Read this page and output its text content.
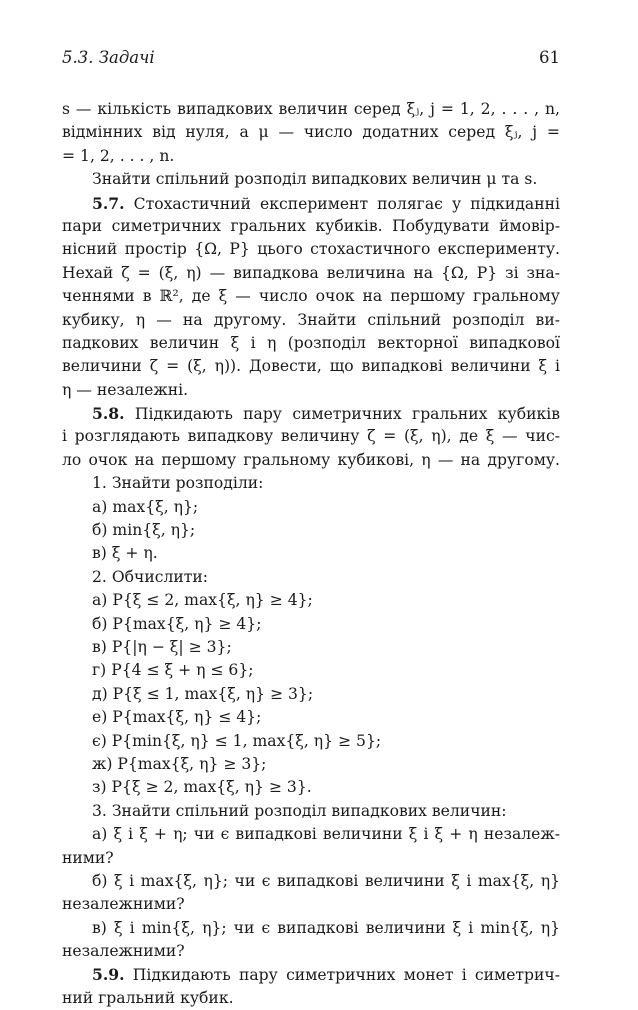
5.3. Задачі	61
s — кількість випадкових величин серед ξⱼ, j = 1, 2, . . . , n,
відмінних від нуля, а μ — число додатних серед ξⱼ, j =
= 1, 2, . . . , n.
Знайти спільний розподіл випадкових величин μ та s.
5.7. Стохастичний експеримент полягає у підкиданні
пари симетричних гральних кубиків. Побудувати ймовір-
нісний простір {Ω, P} цього стохастичного експерименту.
Нехай ζ = (ξ, η) — випадкова величина на {Ω, P} зі зна-
ченнями в ℝ², де ξ — число очок на першому гральному
кубику, η — на другому. Знайти спільний розподіл ви-
падкових величин ξ і η (розподіл векторної випадкової
величини ζ = (ξ, η)). Довести, що випадкові величини ξ і
η — незалежні.
5.8. Підкидають пару симетричних гральних кубиків
і розглядають випадкову величину ζ = (ξ, η), де ξ — чис-
ло очок на першому гральному кубикові, η — на другому.
1. Знайти розподіли:
а) max{ξ, η};
б) min{ξ, η};
в) ξ + η.
2. Обчислити:
а) P{ξ ≤ 2, max{ξ, η} ≥ 4};
б) P{max{ξ, η} ≥ 4};
в) P{|η − ξ| ≥ 3};
г) P{4 ≤ ξ + η ≤ 6};
д) P{ξ ≤ 1, max{ξ, η} ≥ 3};
е) P{max{ξ, η} ≤ 4};
є) P{min{ξ, η} ≤ 1, max{ξ, η} ≥ 5};
ж) P{max{ξ, η} ≥ 3};
з) P{ξ ≥ 2, max{ξ, η} ≥ 3}.
3. Знайти спільний розподіл випадкових величин:
а) ξ і ξ + η; чи є випадкові величини ξ і ξ + η незалеж-
ними?
б) ξ і max{ξ, η}; чи є випадкові величини ξ і max{ξ, η}
незалежними?
в) ξ і min{ξ, η}; чи є випадкові величини ξ і min{ξ, η}
незалежними?
5.9. Підкидають пару симетричних монет і симетрич-
ний гральний кубик.
